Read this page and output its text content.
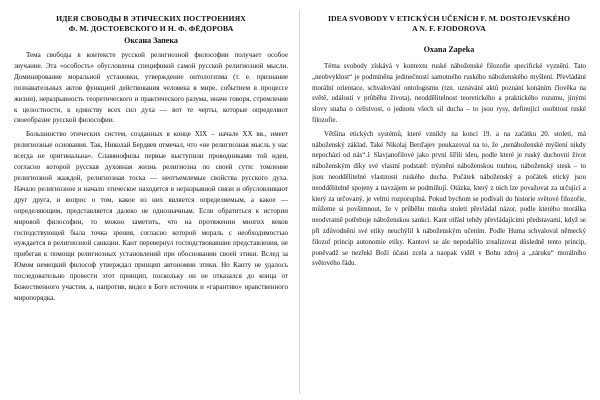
ИДЕЯ СВОБОДЫ В ЭТИЧЕСКИХ ПОСТРОЕНИЯХ
Ф. М. ДОСТОЕВСКОГО И Н. Ф. ФЁДОРОВА
Оксана Запека

Тема свободы в контексте русской религиозной философии получает особое звучание. Эта «особость» обусловлена спецификой самой русской религиозной мысли. Доминирование моральной установки, утверждение онтологизма (т. е. признание познавательных актов функцией действования человека в мире, событием в процессе жизни), неразрывность теоретического и практического разума, иначе говоря, стремление к целостности, к единству всех сил духа — вот те черты, которые определяют своеобразие русской философии.

Большинство этических систем, созданных в конце XIX – начале XX вв., имеет религиозные основания. Так, Николай Бердяев отмечал, что «не религиозная мысль у нас всегда не оригинальна». Славянофилы первые выступили проводниками той идеи, согласно которой русская духовная жизнь религиозна по своей сути: томление религиозной жаждой, религиозная тоска — неотъемлемые свойства русского духа. Начало религиозное и начало этическое находятся в неразрывной связи и обусловливают друг друга, и вопрос о том, какое из них является определяемым, а какое — определяющим, представляется далеко не однозначным. Если обратиться к истории мировой философии, то можно заметить, что на протяжении многих веков господствующей была точка зрения, согласно которой мораль с необходимостью нуждается в религиозной санкции. Кант перевернул господствовавшие представления, не прибегая к помощи религиозных установлений при обосновании своей этики. Вслед за Юмом немецкий философ утверждал принцип автономии этики. Но Канту не удалось последовательно провести этот принцип, поскольку он не отказался до конца от Божественного участия, а, напротив, видел в Боге источник и «гарантию» нравственного миропорядка.

IDEA SVOBODY V ETICKÝCH UČENÍCH F. M. DOSTOJEVSKÉHO
A N. F. FJODOROVA
Oxana Zapeka

Téma svobody získává v kontextu ruské náboženské filozofie specifické vyznění. Tato „neobvyklost“ je podmíněna jedinečností samotného ruského náboženského myšlení. Převládání morální orientace, schvalování ontologismu (tzn. uznávání aktů poznání konáním člověka na světě, událostí v průběhu života), neoddělitelnost teoretického a praktického rozumu, jinými slovy snaha o celistvost, o jednotu všech sil ducha – to jsou rysy, definující osobitost ruské filozofie.

Většina etických systémů, které vznikly na konci 19. a na začátku 20. století, má náboženský základ. Také Nikolaj Berďajev poukazoval na to, že „nenáboženské myšlení nikdy nepochází od nás“.1 Slavjanofilové jako první šířili ideu, podle které je ruský duchovní život náboženským díky své vlastní podstatě: trýznění náboženskou touhou, náboženský stesk – to jsou neoddělitelné vlastnosti ruského ducha. Počátek náboženský a počátek etický jsou neoddělitelně spojeny a navzájem se podmiňují. Otázka, který z nich lze považovat za určující a který za určovaný, je velmi rozporuplná. Pokud bychom se podívali do historie světové filozofie, můžeme si povšimnout, že v průběhu mnoha století převládal názor, podle kterého morálka neodvratně potřebuje náboženskou sankci. Kant otřásl tehdy převládajícími představami, když se při zdůvodnění své etiky neuchýlil k náboženským učením. Podle Huma schvaloval německý filozof princip autonomie etiky. Kantovi se ale nepodařilo zrealizovat důsledně tento princip, poněvadž se nezřekl Boží účasti zcela a naopak viděl v Bohu zdroj a „záruku“ morálního světového řádu.
